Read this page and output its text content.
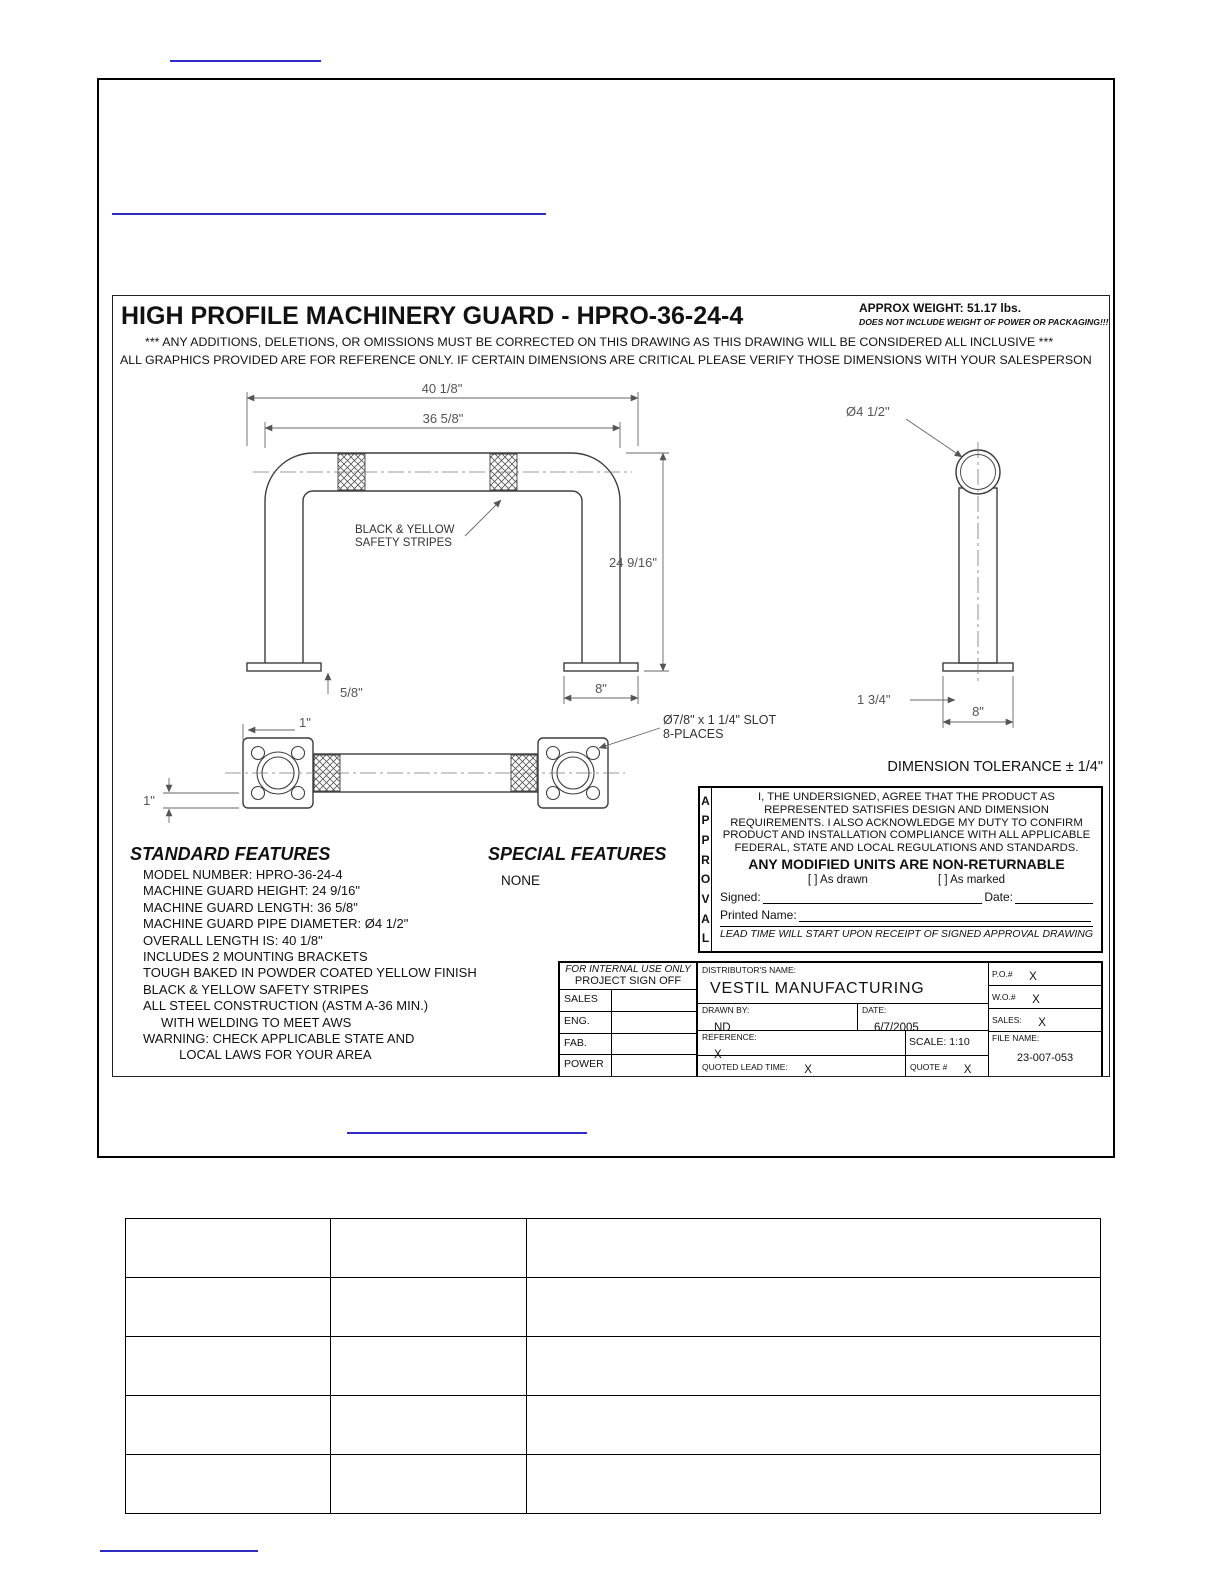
HIGH PROFILE MACHINERY GUARD - HPRO-36-24-4	APPROX WEIGHT: 51.17 lbs.
DOES NOT INCLUDE WEIGHT OF POWER OR PACKAGING!!!
*** ANY ADDITIONS, DELETIONS, OR OMISSIONS MUST BE CORRECTED ON THIS DRAWING AS THIS DRAWING WILL BE CONSIDERED ALL INCLUSIVE ***
ALL GRAPHICS PROVIDED ARE FOR REFERENCE ONLY. IF CERTAIN DIMENSIONS ARE CRITICAL PLEASE VERIFY THOSE DIMENSIONS WITH YOUR SALESPERSON
40 1/8"
36 5/8"
24 9/16"
5/8"	8"
1"
1"
Ø4 1/2"
1 3/4"
8"
BLACK & YELLOW
SAFETY STRIPES
Ø7/8" x 1 1/4" SLOT
8-PLACES
DIMENSION TOLERANCE ± 1/4"
STANDARD FEATURES	SPECIAL FEATURES
NONE
MODEL NUMBER: HPRO-36-24-4
MACHINE GUARD HEIGHT: 24 9/16"
MACHINE GUARD LENGTH: 36 5/8"
MACHINE GUARD PIPE DIAMETER: Ø4 1/2"
OVERALL LENGTH IS: 40 1/8"
INCLUDES 2 MOUNTING BRACKETS
TOUGH BAKED IN POWDER COATED YELLOW FINISH
BLACK & YELLOW SAFETY STRIPES
ALL STEEL CONSTRUCTION (ASTM A-36 MIN.)
WITH WELDING TO MEET AWS
WARNING: CHECK APPLICABLE STATE AND
LOCAL LAWS FOR YOUR AREA
A
P
P
R
O
V
A
L
I, THE UNDERSIGNED, AGREE THAT THE PRODUCT AS REPRESENTED SATISFIES DESIGN AND DIMENSION REQUIREMENTS. I ALSO ACKNOWLEDGE MY DUTY TO CONFIRM PRODUCT AND INSTALLATION COMPLIANCE WITH ALL APPLICABLE FEDERAL, STATE AND LOCAL REGULATIONS AND STANDARDS.
ANY MODIFIED UNITS ARE NON-RETURNABLE
[ ] As drawn	[ ] As marked
Signed:	Date:
Printed Name:
LEAD TIME WILL START UPON RECEIPT OF SIGNED APPROVAL DRAWING
FOR INTERNAL USE ONLY
PROJECT SIGN OFF
SALES
ENG.
FAB.
POWER
DISTRIBUTOR'S NAME:
VESTIL MANUFACTURING
DRAWN BY:
ND
DATE:
6/7/2005
REFERENCE:
X
SCALE: 1:10
QUOTED LEAD TIME: X	QUOTE # X
P.O.# X
W.O.# X
SALES: X
FILE NAME:
23-007-053
